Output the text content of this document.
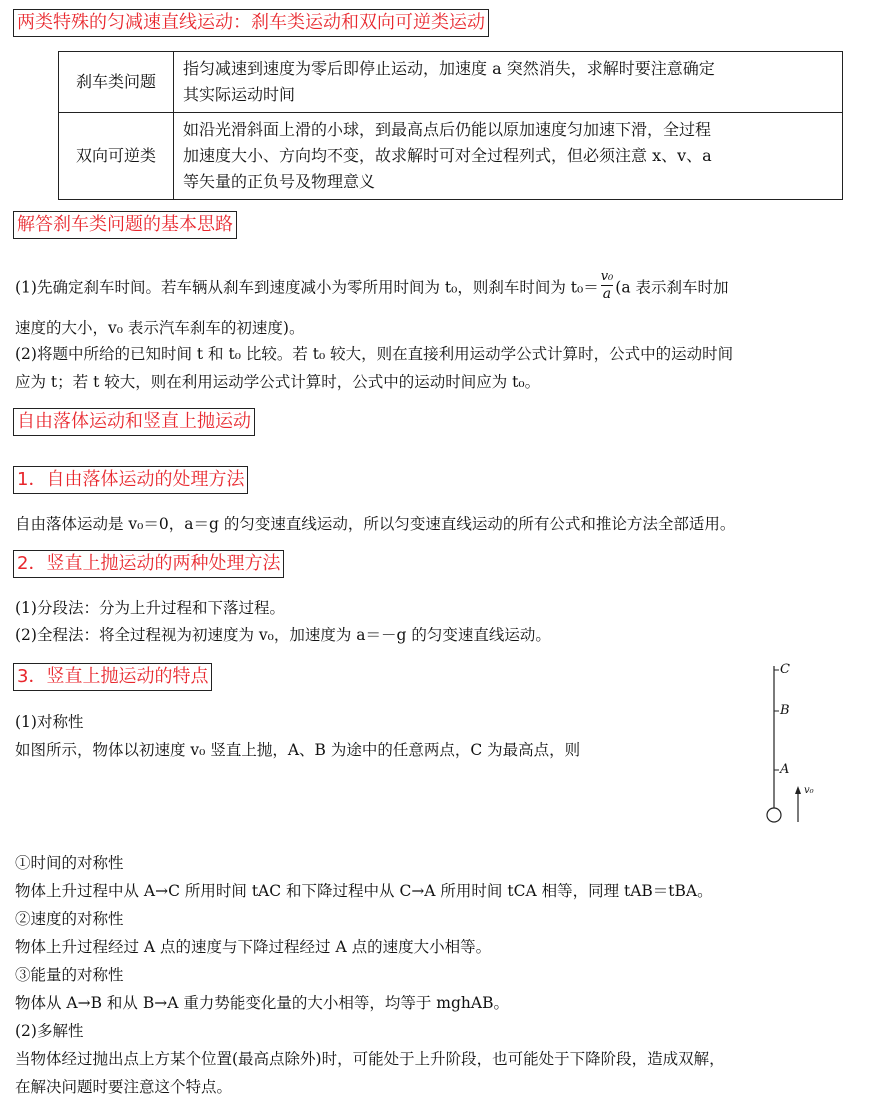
两类特殊的匀减速直线运动：刹车类运动和双向可逆类运动
刹车类问题	指匀减速到速度为零后即停止运动，加速度 a 突然消失，求解时要注意确定
其实际运动时间

双向可逆类	如沿光滑斜面上滑的小球，到最高点后仍能以原加速度匀加速下滑，全过程
加速度大小、方向均不变，故求解时可对全过程列式，但必须注意 x、v、a
等矢量的正负号及物理意义
解答刹车类问题的基本思路
(1)先确定刹车时间。若车辆从刹车到速度减小为零所用时间为 t₀，则刹车时间为 $t_0= \frac{\text{v₀}}{a} (a$ 表示刹车时加
速度的大小，v₀ 表示汽车刹车的初速度)。
(2)将题中所给的已知时间 t 和 t₀ 比较。若 t₀ 较大，则在直接利用运动学公式计算时，公式中的运动时间
应为 t；若 t 较大，则在利用运动学公式计算时，公式中的运动时间应为 t₀。
自由落体运动和竖直上抛运动
1．自由落体运动的处理方法
自由落体运动是 v₀＝0，a＝g 的匀变速直线运动，所以匀变速直线运动的所有公式和推论方法全部适用。
2．竖直上抛运动的两种处理方法
(1)分段法：分为上升过程和下落过程。
(2)全程法：将全过程视为初速度为 v₀，加速度为 a＝－g 的匀变速直线运动。
3．竖直上抛运动的特点
(1)对称性
如图所示，物体以初速度 v₀ 竖直上抛，A、B 为途中的任意两点，C 为最高点，则
C
B
A
v₀
①时间的对称性
物体上升过程中从 A→C 所用时间 tAC 和下降过程中从 C→A 所用时间 tCA 相等，同理 tAB＝tBA。
②速度的对称性
物体上升过程经过 A 点的速度与下降过程经过 A 点的速度大小相等。
③能量的对称性
物体从 A→B 和从 B→A 重力势能变化量的大小相等，均等于 mghAB。
(2)多解性
当物体经过抛出点上方某个位置(最高点除外)时，可能处于上升阶段，也可能处于下降阶段，造成双解，
在解决问题时要注意这个特点。
